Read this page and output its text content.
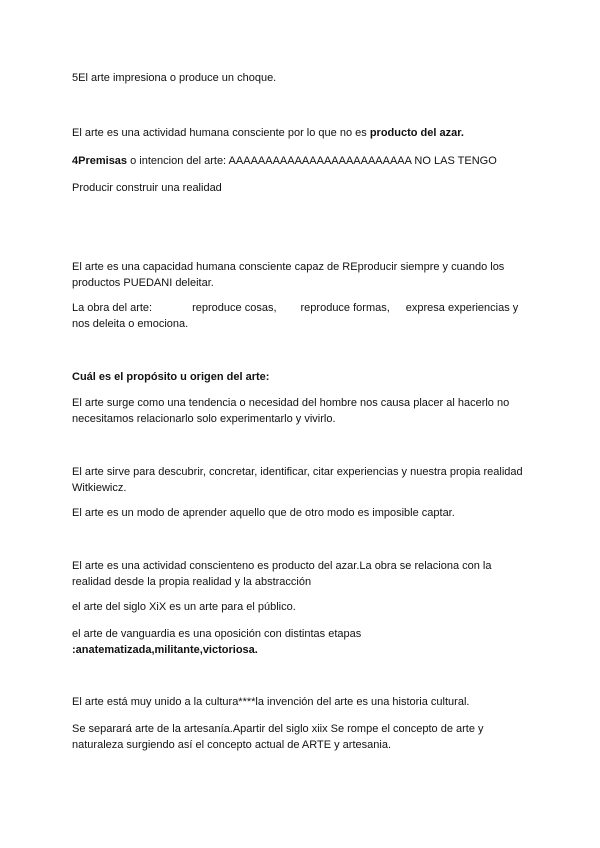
5El arte impresiona o produce un choque.

El arte es una actividad humana consciente por lo que no es producto del azar.

4Premisas o intencion del arte: AAAAAAAAAAAAAAAAAAAAAAAAA NO LAS TENGO

Producir construir una realidad

El arte es una capacidad humana consciente capaz de REproducir siempre y cuando los productos PUEDANI deleitar.

La obra del arte:	reproduce cosas, reproduce formas, expresa experiencias y nos deleita o emociona.

Cuál es el propósito u origen del arte:

El arte surge como una tendencia o necesidad del hombre nos causa placer al hacerlo no necesitamos relacionarlo solo experimentarlo y vivirlo.

El arte sirve para descubrir, concretar, identificar, citar experiencias y nuestra propia realidad Witkiewicz.

El arte es un modo de aprender aquello que de otro modo es imposible captar.

El arte es una actividad conscienteno es producto del azar.La obra se relaciona con la realidad desde la propia realidad y la abstracción

el arte del siglo XiX es un arte para el público.

el arte de vanguardia es una oposición con distintas etapas
:anatematizada,militante,victoriosa.

El arte está muy unido a la cultura****la invención del arte es una historia cultural.

Se separará arte de la artesanía.Apartir del siglo xiix Se rompe el concepto de arte y naturaleza surgiendo así el concepto actual de ARTE y artesania.
